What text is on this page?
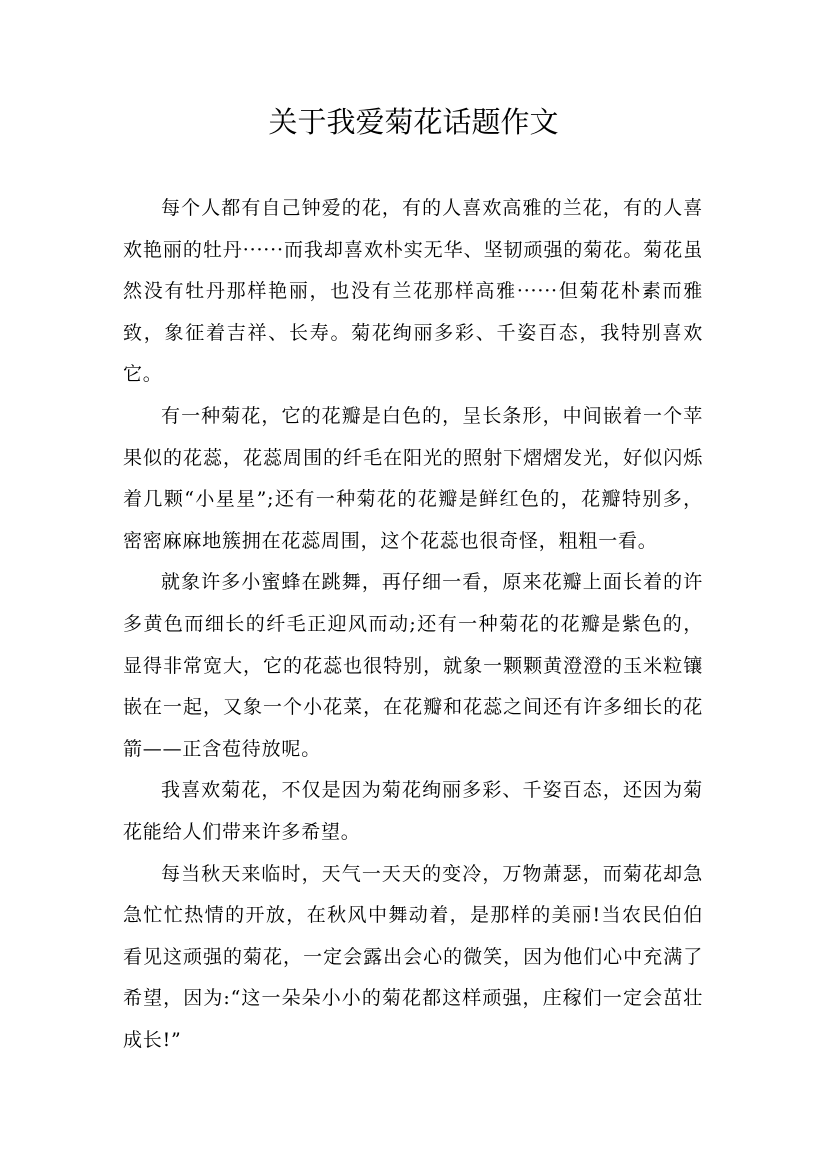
关于我爱菊花话题作文

每个人都有自己钟爱的花，有的人喜欢高雅的兰花，有的人喜欢艳丽的牡丹······而我却喜欢朴实无华、坚韧顽强的菊花。菊花虽然没有牡丹那样艳丽，也没有兰花那样高雅······但菊花朴素而雅致，象征着吉祥、长寿。菊花绚丽多彩、千姿百态，我特别喜欢它。

有一种菊花，它的花瓣是白色的，呈长条形，中间嵌着一个苹果似的花蕊，花蕊周围的纤毛在阳光的照射下熠熠发光，好似闪烁着几颗“小星星”;还有一种菊花的花瓣是鲜红色的，花瓣特别多，密密麻麻地簇拥在花蕊周围，这个花蕊也很奇怪，粗粗一看。

就象许多小蜜蜂在跳舞，再仔细一看，原来花瓣上面长着的许多黄色而细长的纤毛正迎风而动;还有一种菊花的花瓣是紫色的，显得非常宽大，它的花蕊也很特别，就象一颗颗黄澄澄的玉米粒镶嵌在一起，又象一个小花菜，在花瓣和花蕊之间还有许多细长的花箭——正含苞待放呢。

我喜欢菊花，不仅是因为菊花绚丽多彩、千姿百态，还因为菊花能给人们带来许多希望。

每当秋天来临时，天气一天天的变冷，万物萧瑟，而菊花却急急忙忙热情的开放，在秋风中舞动着，是那样的美丽!当农民伯伯看见这顽强的菊花，一定会露出会心的微笑，因为他们心中充满了希望，因为:“这一朵朵小小的菊花都这样顽强，庄稼们一定会茁壮成长!”
